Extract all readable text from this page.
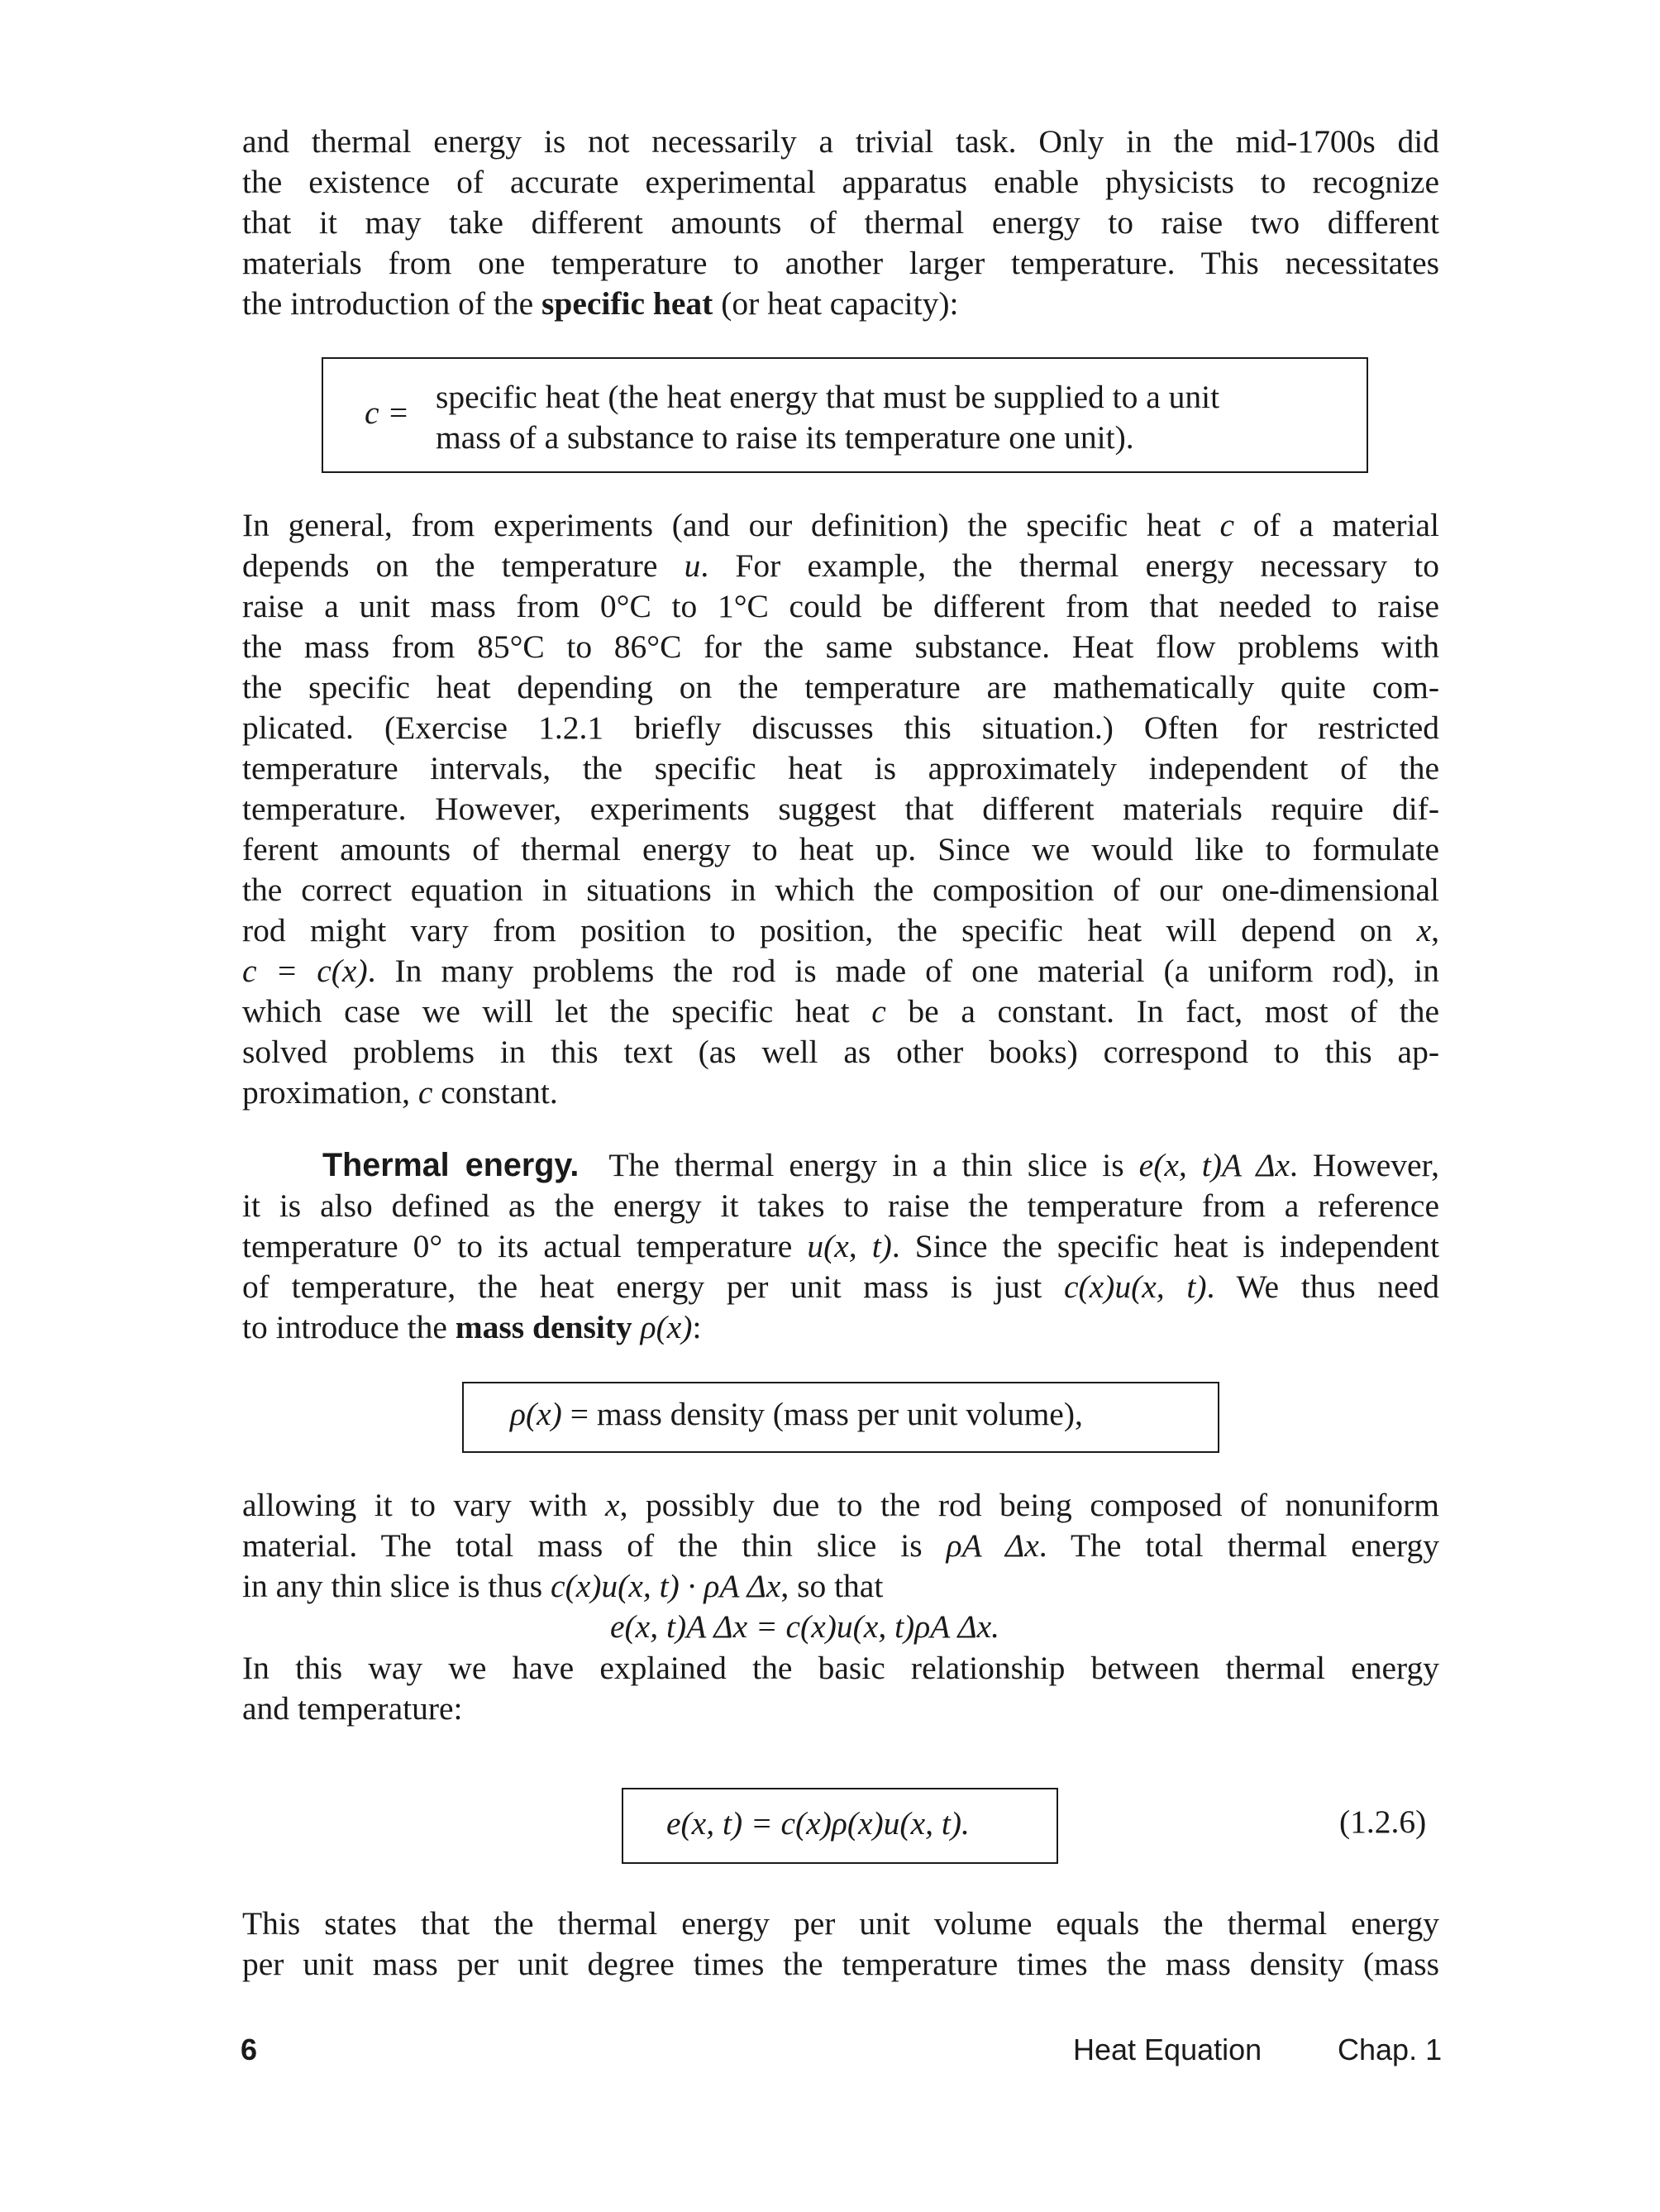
and thermal energy is not necessarily a trivial task. Only in the mid-1700s did
the existence of accurate experimental apparatus enable physicists to recognize
that it may take different amounts of thermal energy to raise two different
materials from one temperature to another larger temperature. This necessitates
the introduction of the specific heat (or heat capacity):

c = specific heat (the heat energy that must be supplied to a unit
mass of a substance to raise its temperature one unit).

In general, from experiments (and our definition) the specific heat c of a material
depends on the temperature u. For example, the thermal energy necessary to
raise a unit mass from 0°C to 1°C could be different from that needed to raise
the mass from 85°C to 86°C for the same substance. Heat flow problems with
the specific heat depending on the temperature are mathematically quite com-
plicated. (Exercise 1.2.1 briefly discusses this situation.) Often for restricted
temperature intervals, the specific heat is approximately independent of the
temperature. However, experiments suggest that different materials require dif-
ferent amounts of thermal energy to heat up. Since we would like to formulate
the correct equation in situations in which the composition of our one-dimensional
rod might vary from position to position, the specific heat will depend on x,
c = c(x). In many problems the rod is made of one material (a uniform rod), in
which case we will let the specific heat c be a constant. In fact, most of the
solved problems in this text (as well as other books) correspond to this ap-
proximation, c constant.

Thermal energy. The thermal energy in a thin slice is e(x, t)A Δx. However,
it is also defined as the energy it takes to raise the temperature from a reference
temperature 0° to its actual temperature u(x, t). Since the specific heat is independent
of temperature, the heat energy per unit mass is just c(x)u(x, t). We thus need
to introduce the mass density ρ(x):

ρ(x) = mass density (mass per unit volume),

allowing it to vary with x, possibly due to the rod being composed of nonuniform
material. The total mass of the thin slice is ρA Δx. The total thermal energy
in any thin slice is thus c(x)u(x, t) · ρA Δx, so that

e(x, t)A Δx = c(x)u(x, t)ρA Δx.

In this way we have explained the basic relationship between thermal energy
and temperature:

e(x, t) = c(x)ρ(x)u(x, t).	(1.2.6)

This states that the thermal energy per unit volume equals the thermal energy
per unit mass per unit degree times the temperature times the mass density (mass

6	Heat Equation	Chap. 1
